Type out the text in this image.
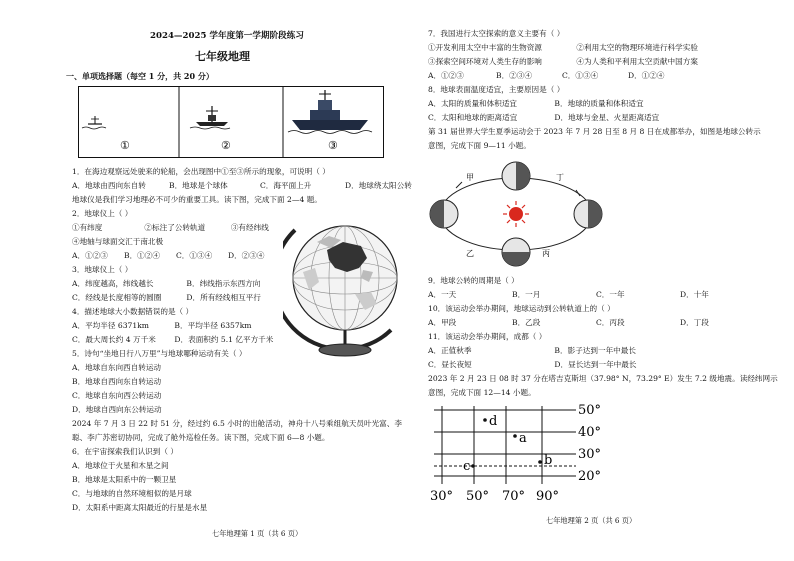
2024—2025 学年度第一学期阶段练习
七年级地理
一、单项选择题（每空 1 分，共 20 分）
①	②	③
1．在海边观察远处驶来的轮船，会出现图中①至③所示的现象，可说明（ ）
A．地球由西向东自转	B．地球是个球体	C．海平面上升	D．地球绕太阳公转
地球仪是我们学习地理必不可少的重要工具。读下图，完成下面 2—4 题。
2．地球仪上（ ）
①有纬度	②标注了公转轨道	③有经纬线
④地轴与球面交汇于南北极
A．①②③	B．①②④	C．①③④	D．②③④
3．地球仪上（ ）
A．纬度越高，纬线越长	B．纬线指示东西方向
C．经线是长度相等的圆圈	D．所有经线相互平行
4．描述地球大小数据错误的是（ ）
A．平均半径 6371km	B．平均半径 6357km
C．最大周长约 4 万千米 D．表面积约 5.1 亿平方千米
5．诗句“坐地日行八万里”与地球哪种运动有关（ ）
A．地球自东向西自转运动
B．地球自西向东自转运动
C．地球自东向西公转运动
D．地球自西向东公转运动
2024 年 7 月 3 日 22 时 51 分，经过约 6.5 小时的出舱活动，神舟十八号乘组航天员叶光富、李
聪、李广苏密切协同，完成了舱外巡检任务。读下图，完成下面 6—8 小题。
6．在宇宙探索我们认识到（ ）
A．地球位于火星和木星之间
B．地球是太阳系中的一颗卫星
C．与地球的自然环境相似的是月球
D．太阳系中距离太阳最近的行星是水星
七年地理第 1 页（共 6 页）
7．我国进行太空探索的意义主要有（ ）
①开发利用太空中丰富的生物资源	②利用太空的物理环境进行科学实验
③探索空间环境对人类生存的影响	④为人类和平利用太空贡献中国方案
A．①②③	B．②③④	C．①③④	D．①②④
8．地球表面温度适宜，主要原因是（ ）
A．太阳的质量和体积适宜	B．地球的质量和体积适宜
C．太阳和地球的距离适宜	D．地球与金星、火星距离适宜
第 31 届世界大学生夏季运动会于 2023 年 7 月 28 日至 8 月 8 日在成都举办，如图是地球公转示
意图，完成下面 9—11 小题。
甲	丁
乙	丙
9．地球公转的周期是（ ）
A．一天	B．一月	C．一年	D．十年
10．该运动会举办期间，地球运动到公转轨道上的（ ）
A．甲段	B．乙段	C．丙段	D．丁段
11．该运动会举办期间，成都（ ）
A．正值秋季	B．影子达到一年中最长
C．昼长夜短	D．昼长达到一年中最长
2023 年 2 月 23 日 08 时 37 分在塔吉克斯坦（37.98° N，73.29° E）发生 7.2 级地震。读经纬网示
意图，完成下面 12—14 小题。
50°
40°
30°
20°
30° 50° 70° 90°
d
a
b
c
七年地理第 2 页（共 6 页）
